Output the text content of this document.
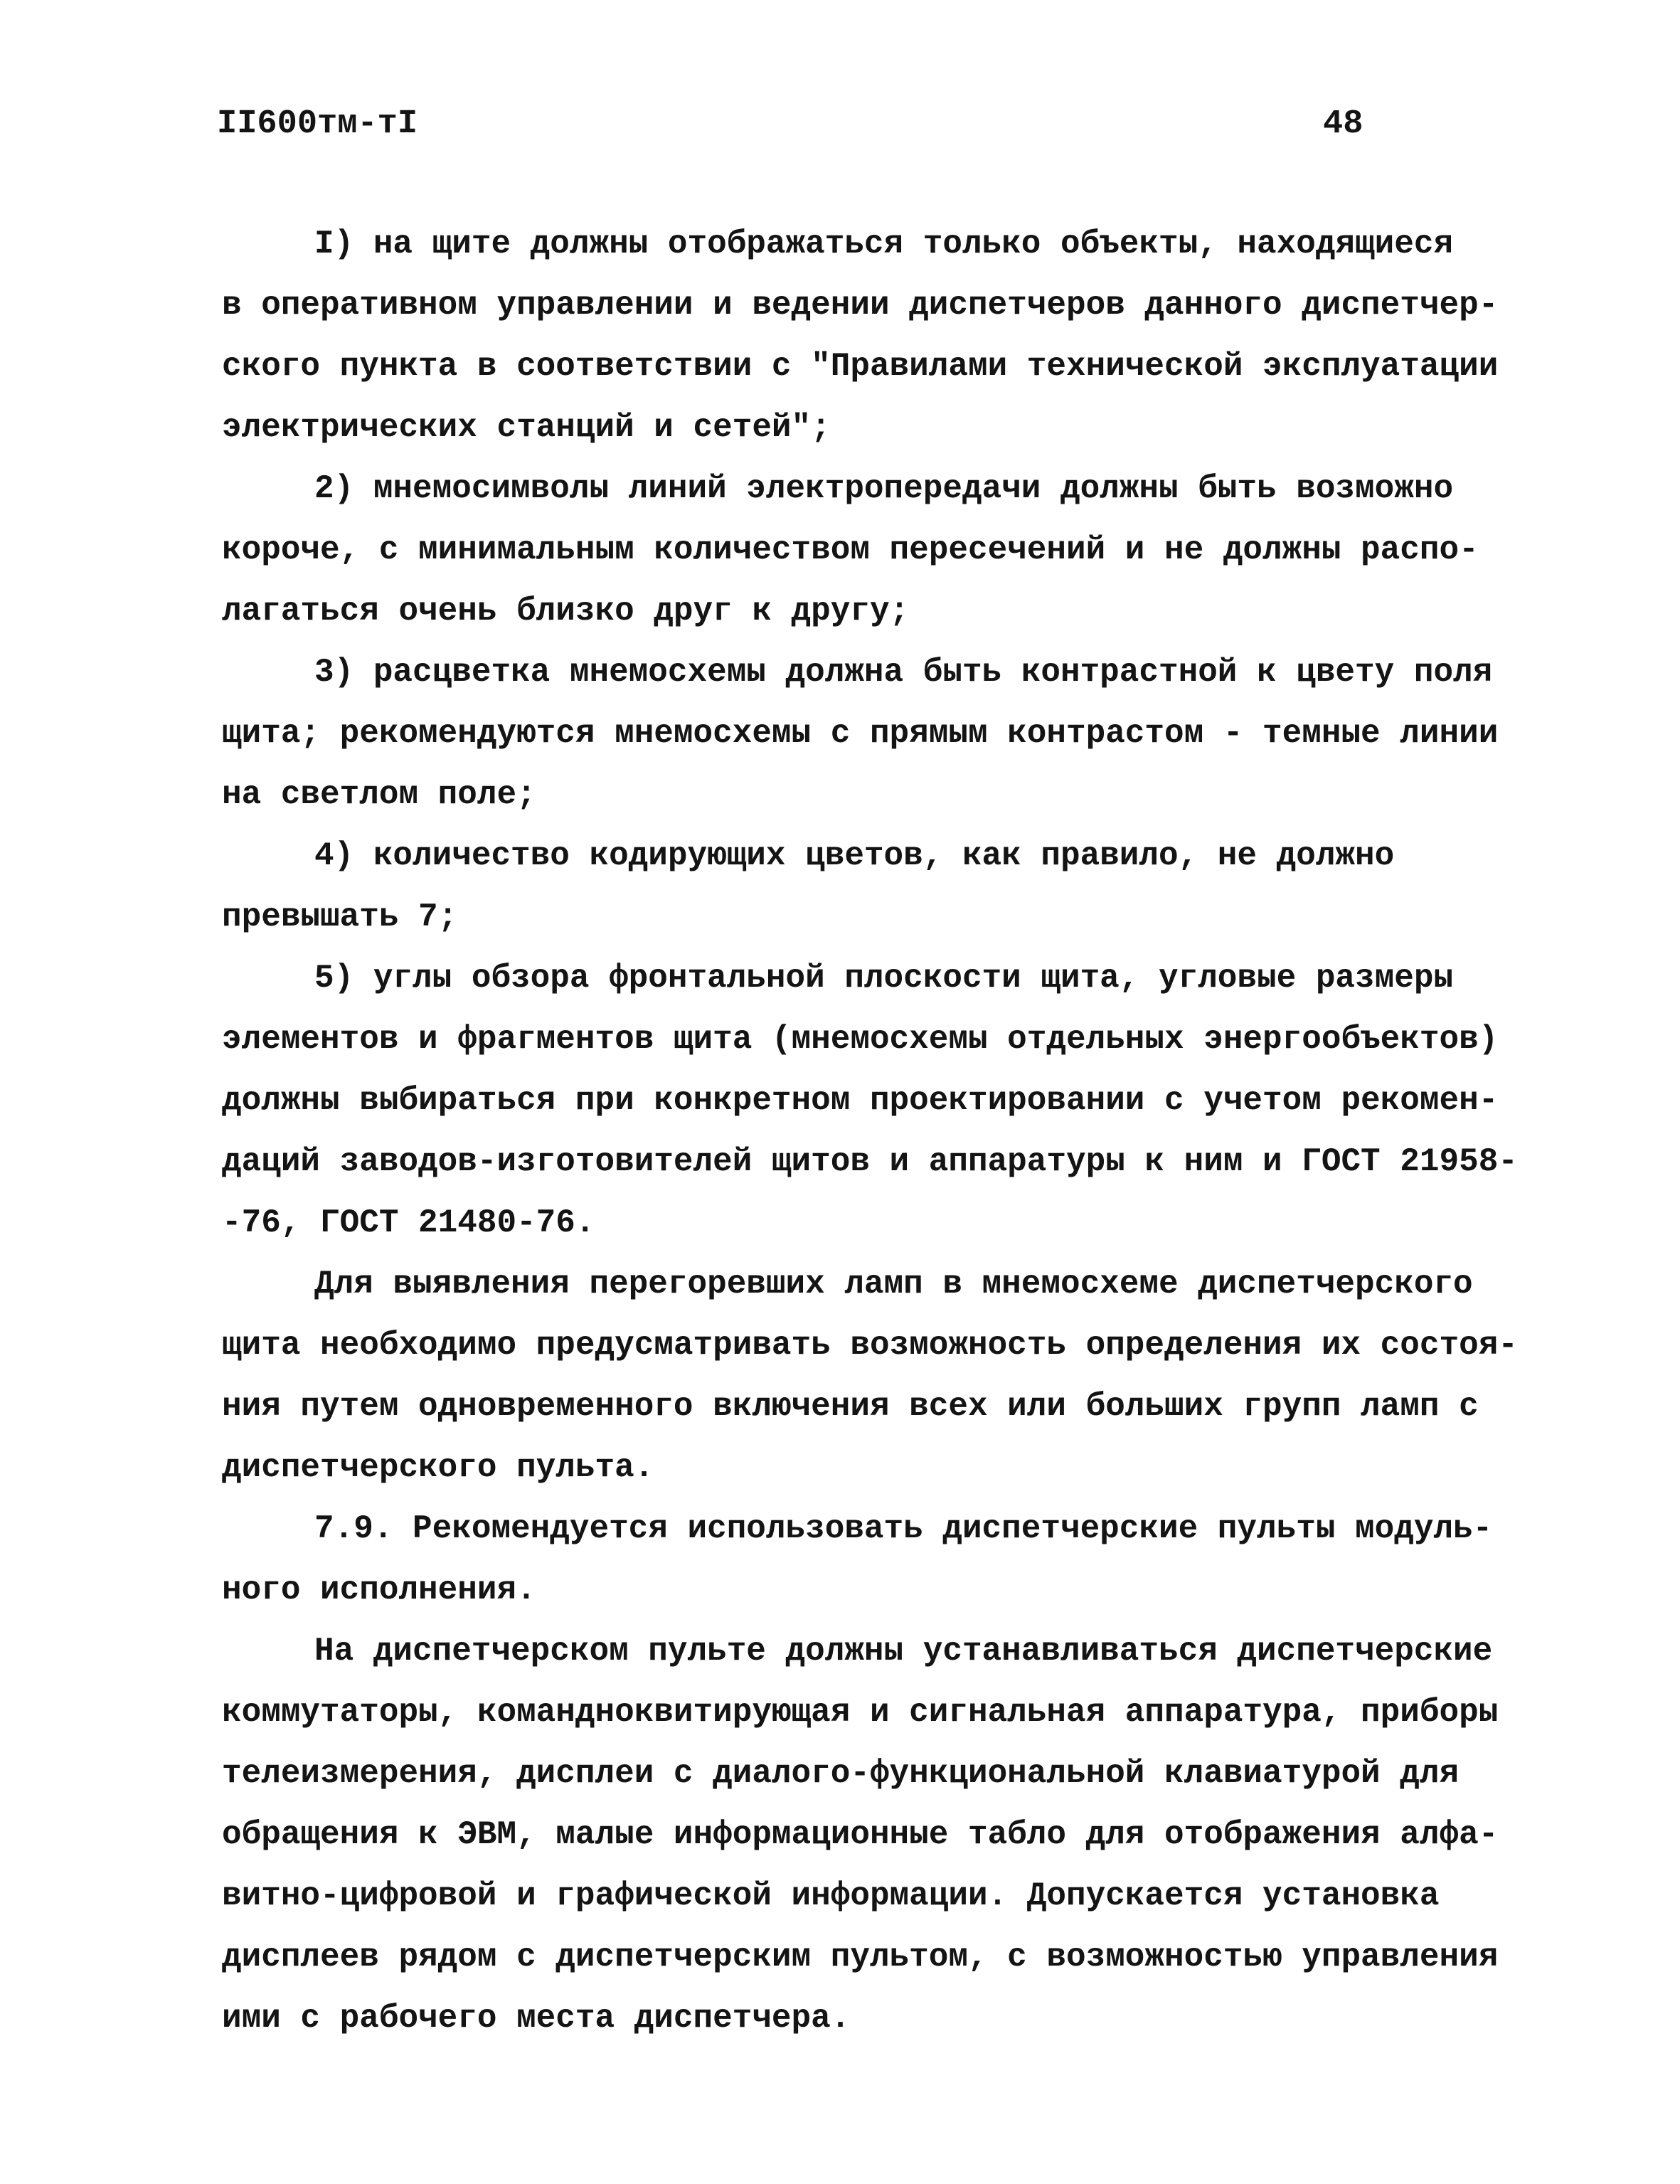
II600тм-тI	48
I) на щите должны отображаться только объекты, находящиеся
в оперативном управлении и ведении диспетчеров данного диспетчер-
ского пункта в соответствии с "Правилами технической эксплуатации
электрических станций и сетей";
2) мнемосимволы линий электропередачи должны быть возможно
короче, с минимальным количеством пересечений и не должны распо-
лагаться очень близко друг к другу;
3) расцветка мнемосхемы должна быть контрастной к цвету поля
щита; рекомендуются мнемосхемы с прямым контрастом - темные линии
на светлом поле;
4) количество кодирующих цветов, как правило, не должно
превышать 7;
5) углы обзора фронтальной плоскости щита, угловые размеры
элементов и фрагментов щита (мнемосхемы отдельных энергообъектов)
должны выбираться при конкретном проектировании с учетом рекомен-
даций заводов-изготовителей щитов и аппаратуры к ним и ГОСТ 21958-
-76, ГОСТ 21480-76.
Для выявления перегоревших ламп в мнемосхеме диспетчерского
щита необходимо предусматривать возможность определения их состоя-
ния путем одновременного включения всех или больших групп ламп с
диспетчерского пульта.
7.9. Рекомендуется использовать диспетчерские пульты модуль-
ного исполнения.
На диспетчерском пульте должны устанавливаться диспетчерские
коммутаторы, командноквитирующая и сигнальная аппаратура, приборы
телеизмерения, дисплеи с диалого-функциональной клавиатурой для
обращения к ЭВМ, малые информационные табло для отображения алфа-
витно-цифровой и графической информации. Допускается установка
дисплеев рядом с диспетчерским пультом, с возможностью управления
ими с рабочего места диспетчера.
